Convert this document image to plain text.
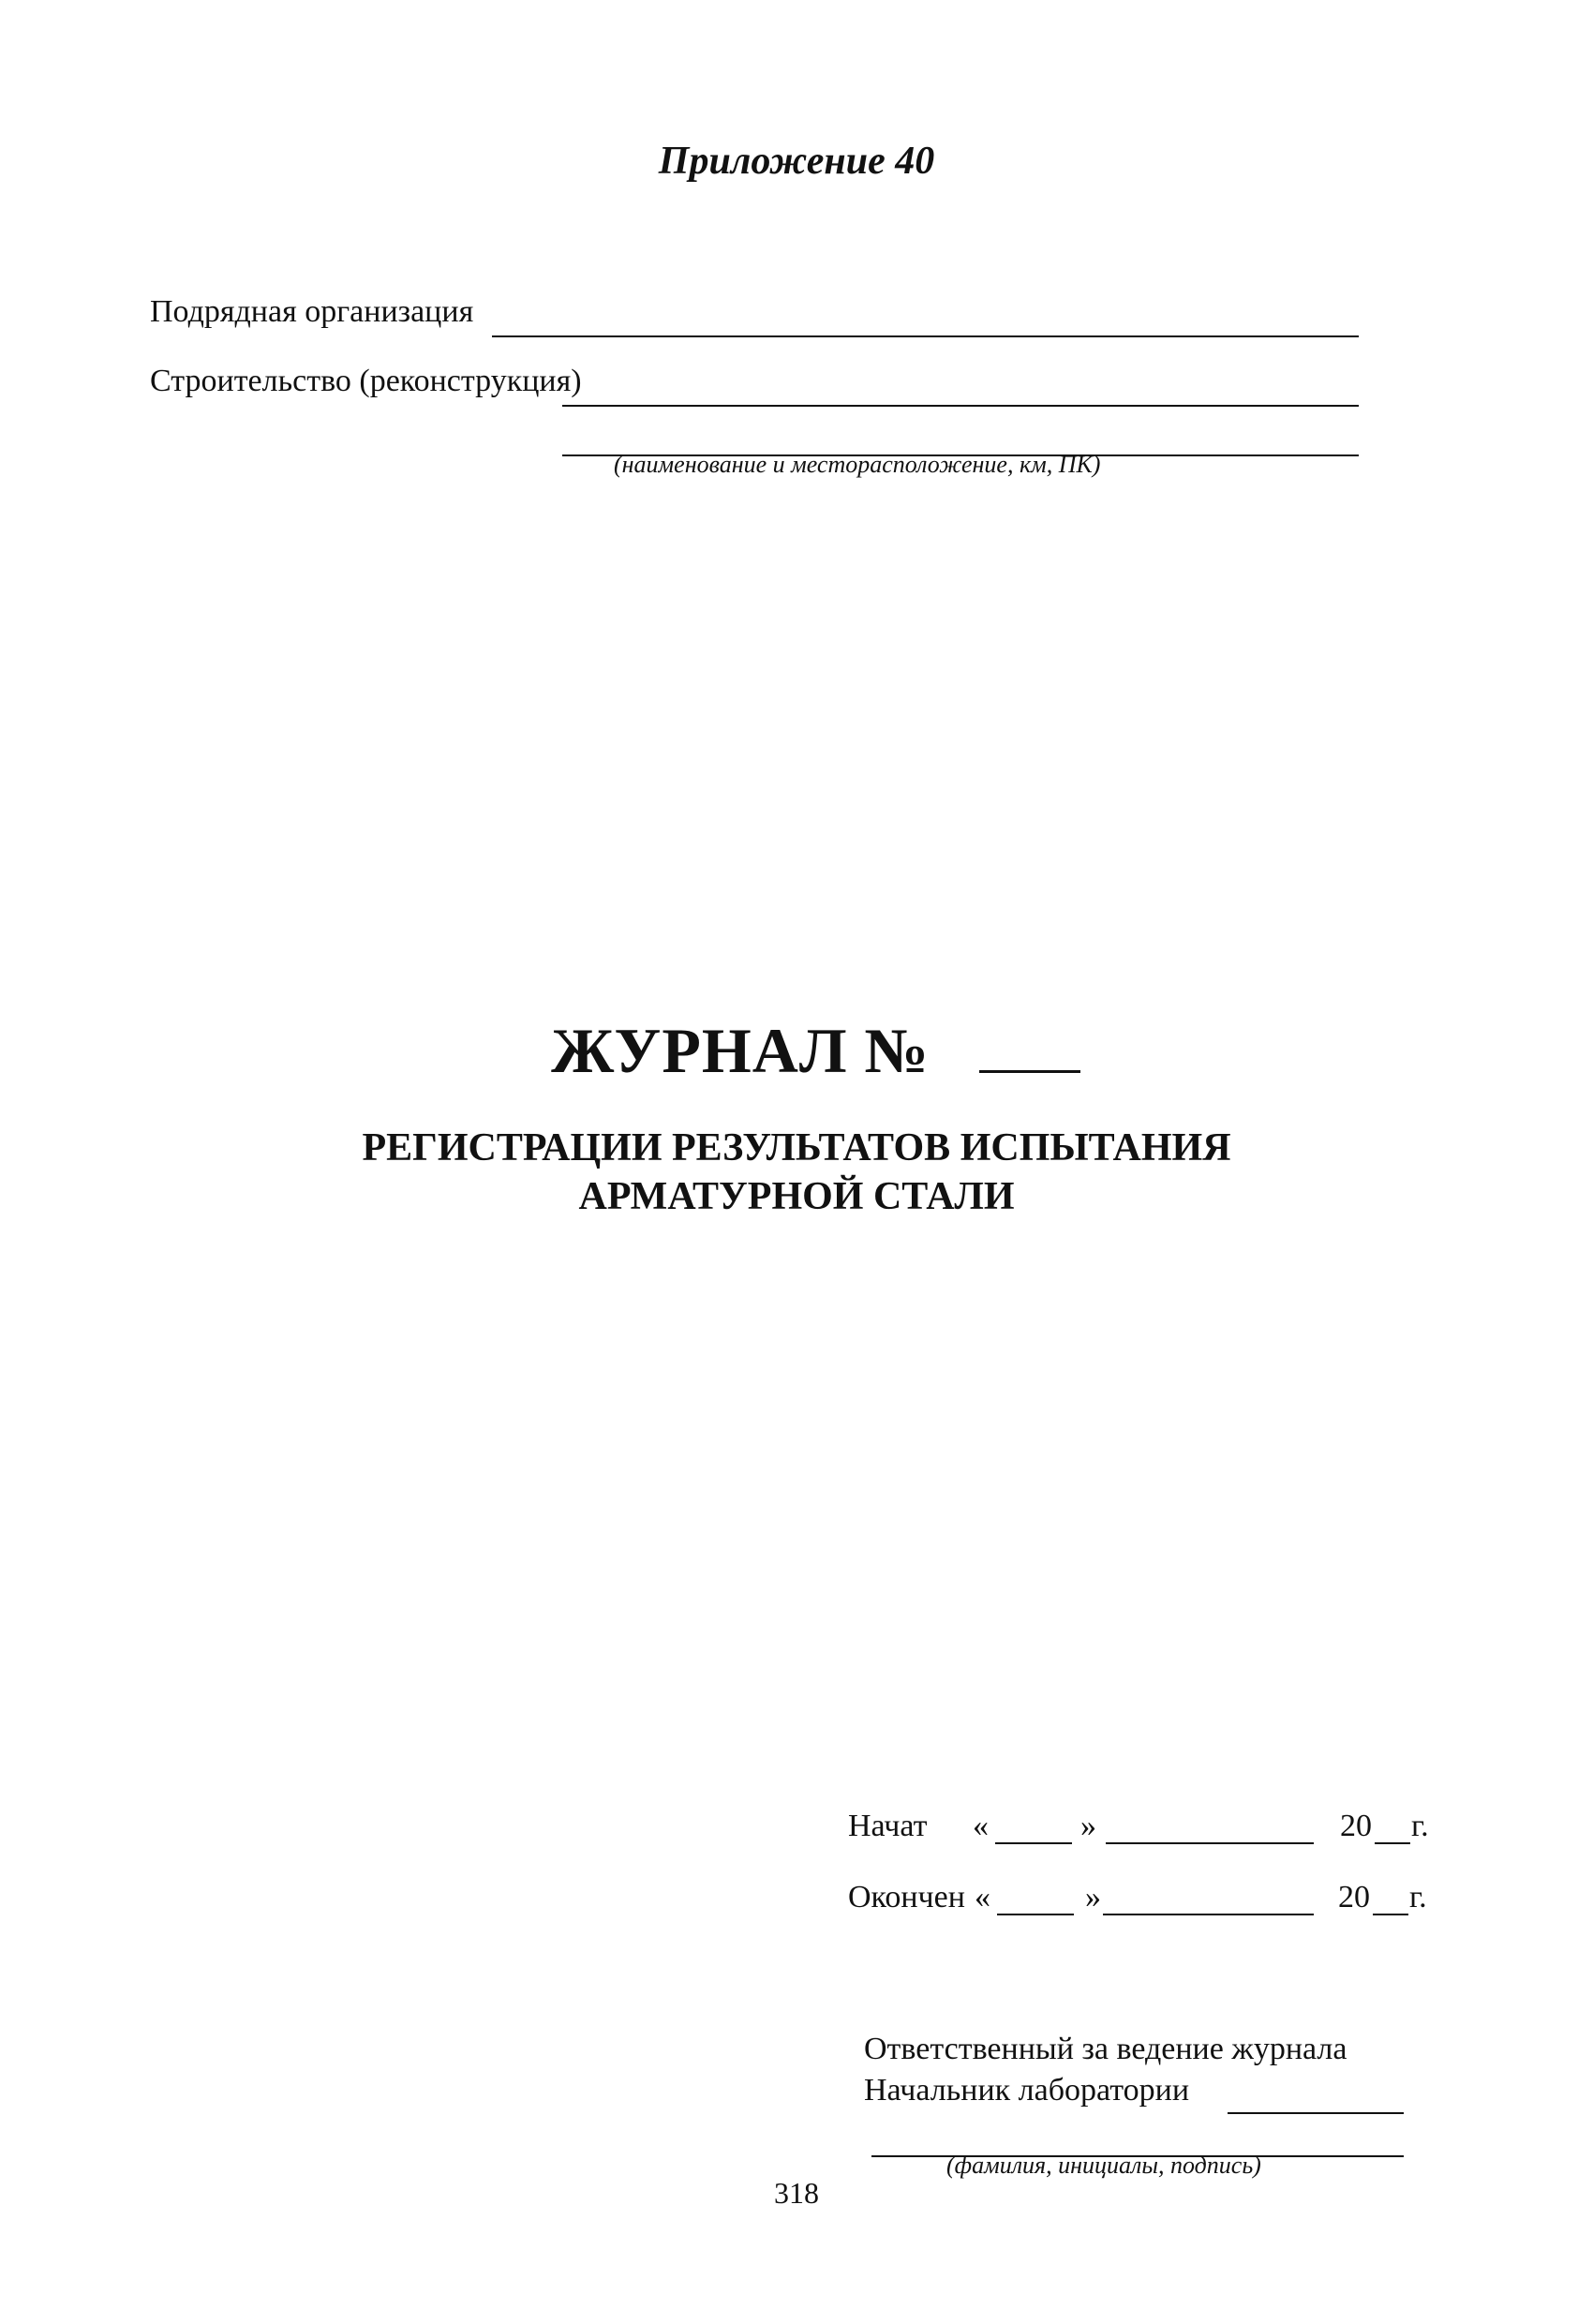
Приложение 40
Подрядная организация
Строительство (реконструкция)
(наименование и месторасположение, км, ПК)
ЖУРНАЛ №
РЕГИСТРАЦИИ РЕЗУЛЬТАТОВ ИСПЫТАНИЯ
АРМАТУРНОЙ СТАЛИ
Начат «	»	20 г.
Окончен «	»	20 г.
Ответственный за ведение журнала
Начальник лаборатории
(фамилия, инициалы, подпись)
318
